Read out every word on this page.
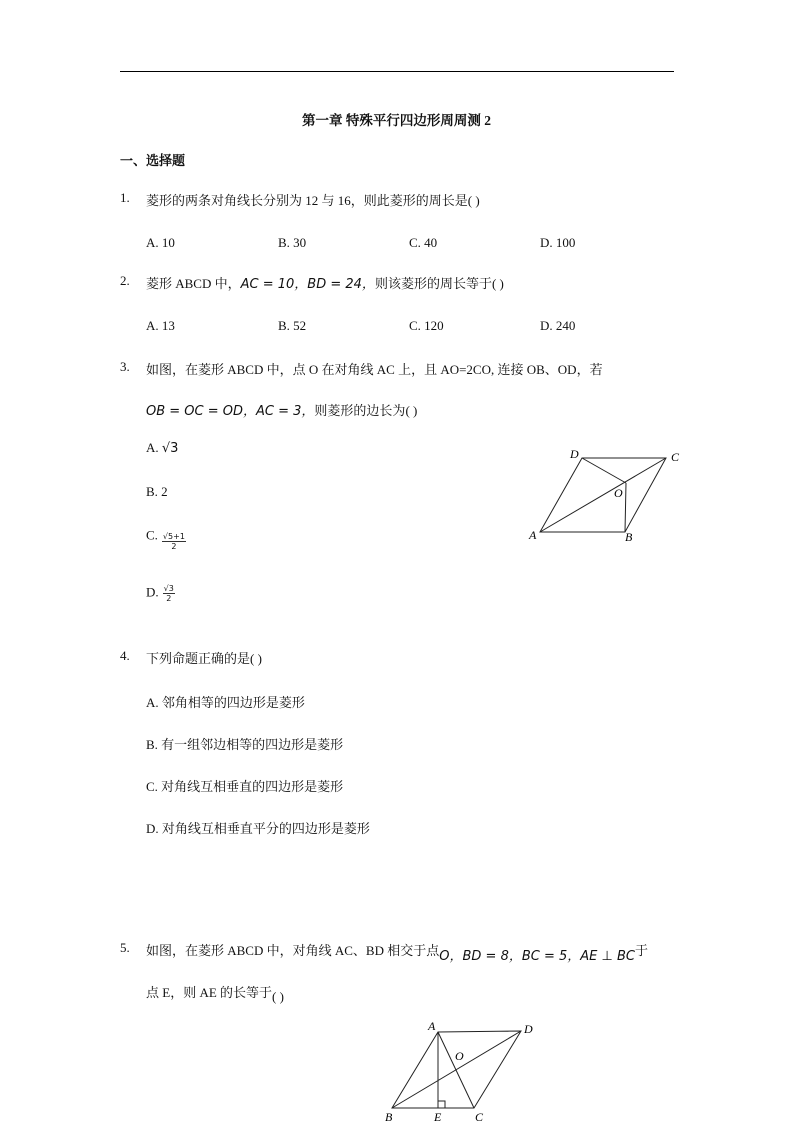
第一章 特殊平行四边形周周测 2
一、选择题
1. 菱形的两条对角线长分别为 12 与 16，则此菱形的周长是( )
A. 10	B. 30	C. 40	D. 100
2. 菱形 ABCD 中，AC = 10，BD = 24，则该菱形的周长等于( )
A. 13	B. 52	C. 120	D. 240
3. 如图，在菱形 ABCD 中，点 O 在对角线 AC 上，且 AO=2CO, 连接 OB、OD，若
OB = OC = OD，AC = 3，则菱形的边长为( )
A. √3
B. 2
C. $\frac{√5+1}{2}$
D. $\frac{√3}{2}$
D	C
O
A	B
4. 下列命题正确的是( )
A. 邻角相等的四边形是菱形
B. 有一组邻边相等的四边形是菱形
C. 对角线互相垂直的四边形是菱形
D. 对角线互相垂直平分的四边形是菱形
5. 如图，在菱形 ABCD 中，对角线 AC、BD 相交于点O，BD = 8，BC = 5，AE ⊥ BC于
点 E，则 AE 的长等于( )
A	D
O
B	E	C
